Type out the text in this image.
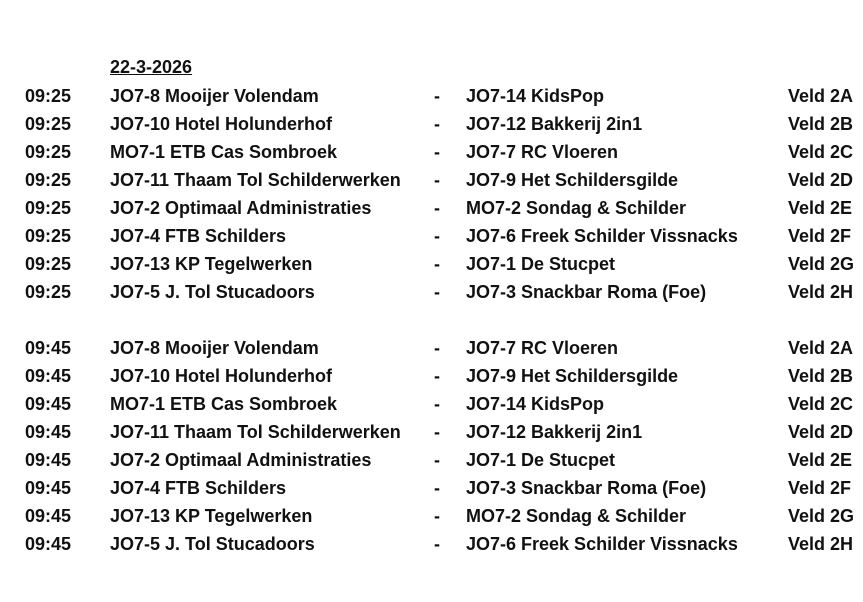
22-3-2026
09:25 JO7-8 Mooijer Volendam	- JO7-14 KidsPop	Veld 2A
09:25 JO7-10 Hotel Holunderhof	- JO7-12 Bakkerij 2in1	Veld 2B
09:25 MO7-1 ETB Cas Sombroek	- JO7-7 RC Vloeren	Veld 2C
09:25 JO7-11 Thaam Tol Schilderwerken - JO7-9 Het Schildersgilde	Veld 2D
09:25 JO7-2 Optimaal Administraties	- MO7-2 Sondag & Schilder	Veld 2E
09:25 JO7-4 FTB Schilders	- JO7-6 Freek Schilder Vissnacks	Veld 2F
09:25 JO7-13 KP Tegelwerken	- JO7-1 De Stucpet	Veld 2G
09:25 JO7-5 J. Tol Stucadoors	- JO7-3 Snackbar Roma (Foe)	Veld 2H
09:45 JO7-8 Mooijer Volendam	- JO7-7 RC Vloeren	Veld 2A
09:45 JO7-10 Hotel Holunderhof	- JO7-9 Het Schildersgilde	Veld 2B
09:45 MO7-1 ETB Cas Sombroek	- JO7-14 KidsPop	Veld 2C
09:45 JO7-11 Thaam Tol Schilderwerken - JO7-12 Bakkerij 2in1	Veld 2D
09:45 JO7-2 Optimaal Administraties	- JO7-1 De Stucpet	Veld 2E
09:45 JO7-4 FTB Schilders	- JO7-3 Snackbar Roma (Foe)	Veld 2F
09:45 JO7-13 KP Tegelwerken	- MO7-2 Sondag & Schilder	Veld 2G
09:45 JO7-5 J. Tol Stucadoors	- JO7-6 Freek Schilder Vissnacks	Veld 2H
